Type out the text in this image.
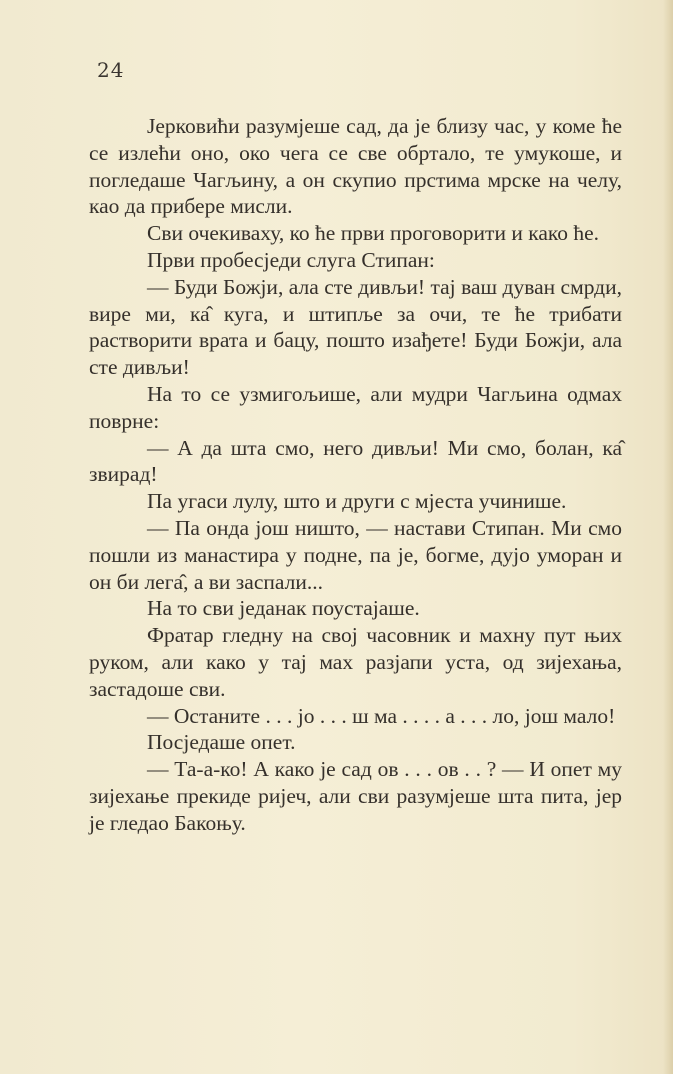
24

Јерковићи разумјеше сад, да је близу час, у коме ће се излећи оно, око чега се све обртало, те умукоше, и погледаше Чагљину, а он скупио прстима мрске на челу, као да прибере мисли.

Сви очекиваху, ко ће први проговорити и како ће.

Први пробесједи слуга Стипан:

— Буди Божји, ала сте дивљи! тај ваш дуван смрди, вире ми, ка̂ куга, и штипље за очи, те ће трибати растворити врата и бацу, пошто изађете! Буди Божји, ала сте дивљи!

На то се узмигољише, али мудри Чагљина одмах поврне:

— А да шта смо, него дивљи! Ми смо, болан, ка̂ звирад!

Па угаси лулу, што и други с мјеста учинише.

— Па онда још ништо, — настави Стипан. Ми смо пошли из манастира у подне, па је, богме, дујо уморан и он би лега̂, а ви заспали...

На то сви једанак поустајаше.

Фратар гледну на свој часовник и махну пут њих руком, али како у тај мах разјапи уста, од зијехања, застадоше сви.

— Останите . . . јо . . . ш ма . . . . а . . . ло, још мало!

Посједаше опет.

— Та-а-ко! А како је сад ов . . . ов . . ? — И опет му зијехање прекиде ријеч, али сви разумјеше шта пита, јер је гледао Бакоњу.
